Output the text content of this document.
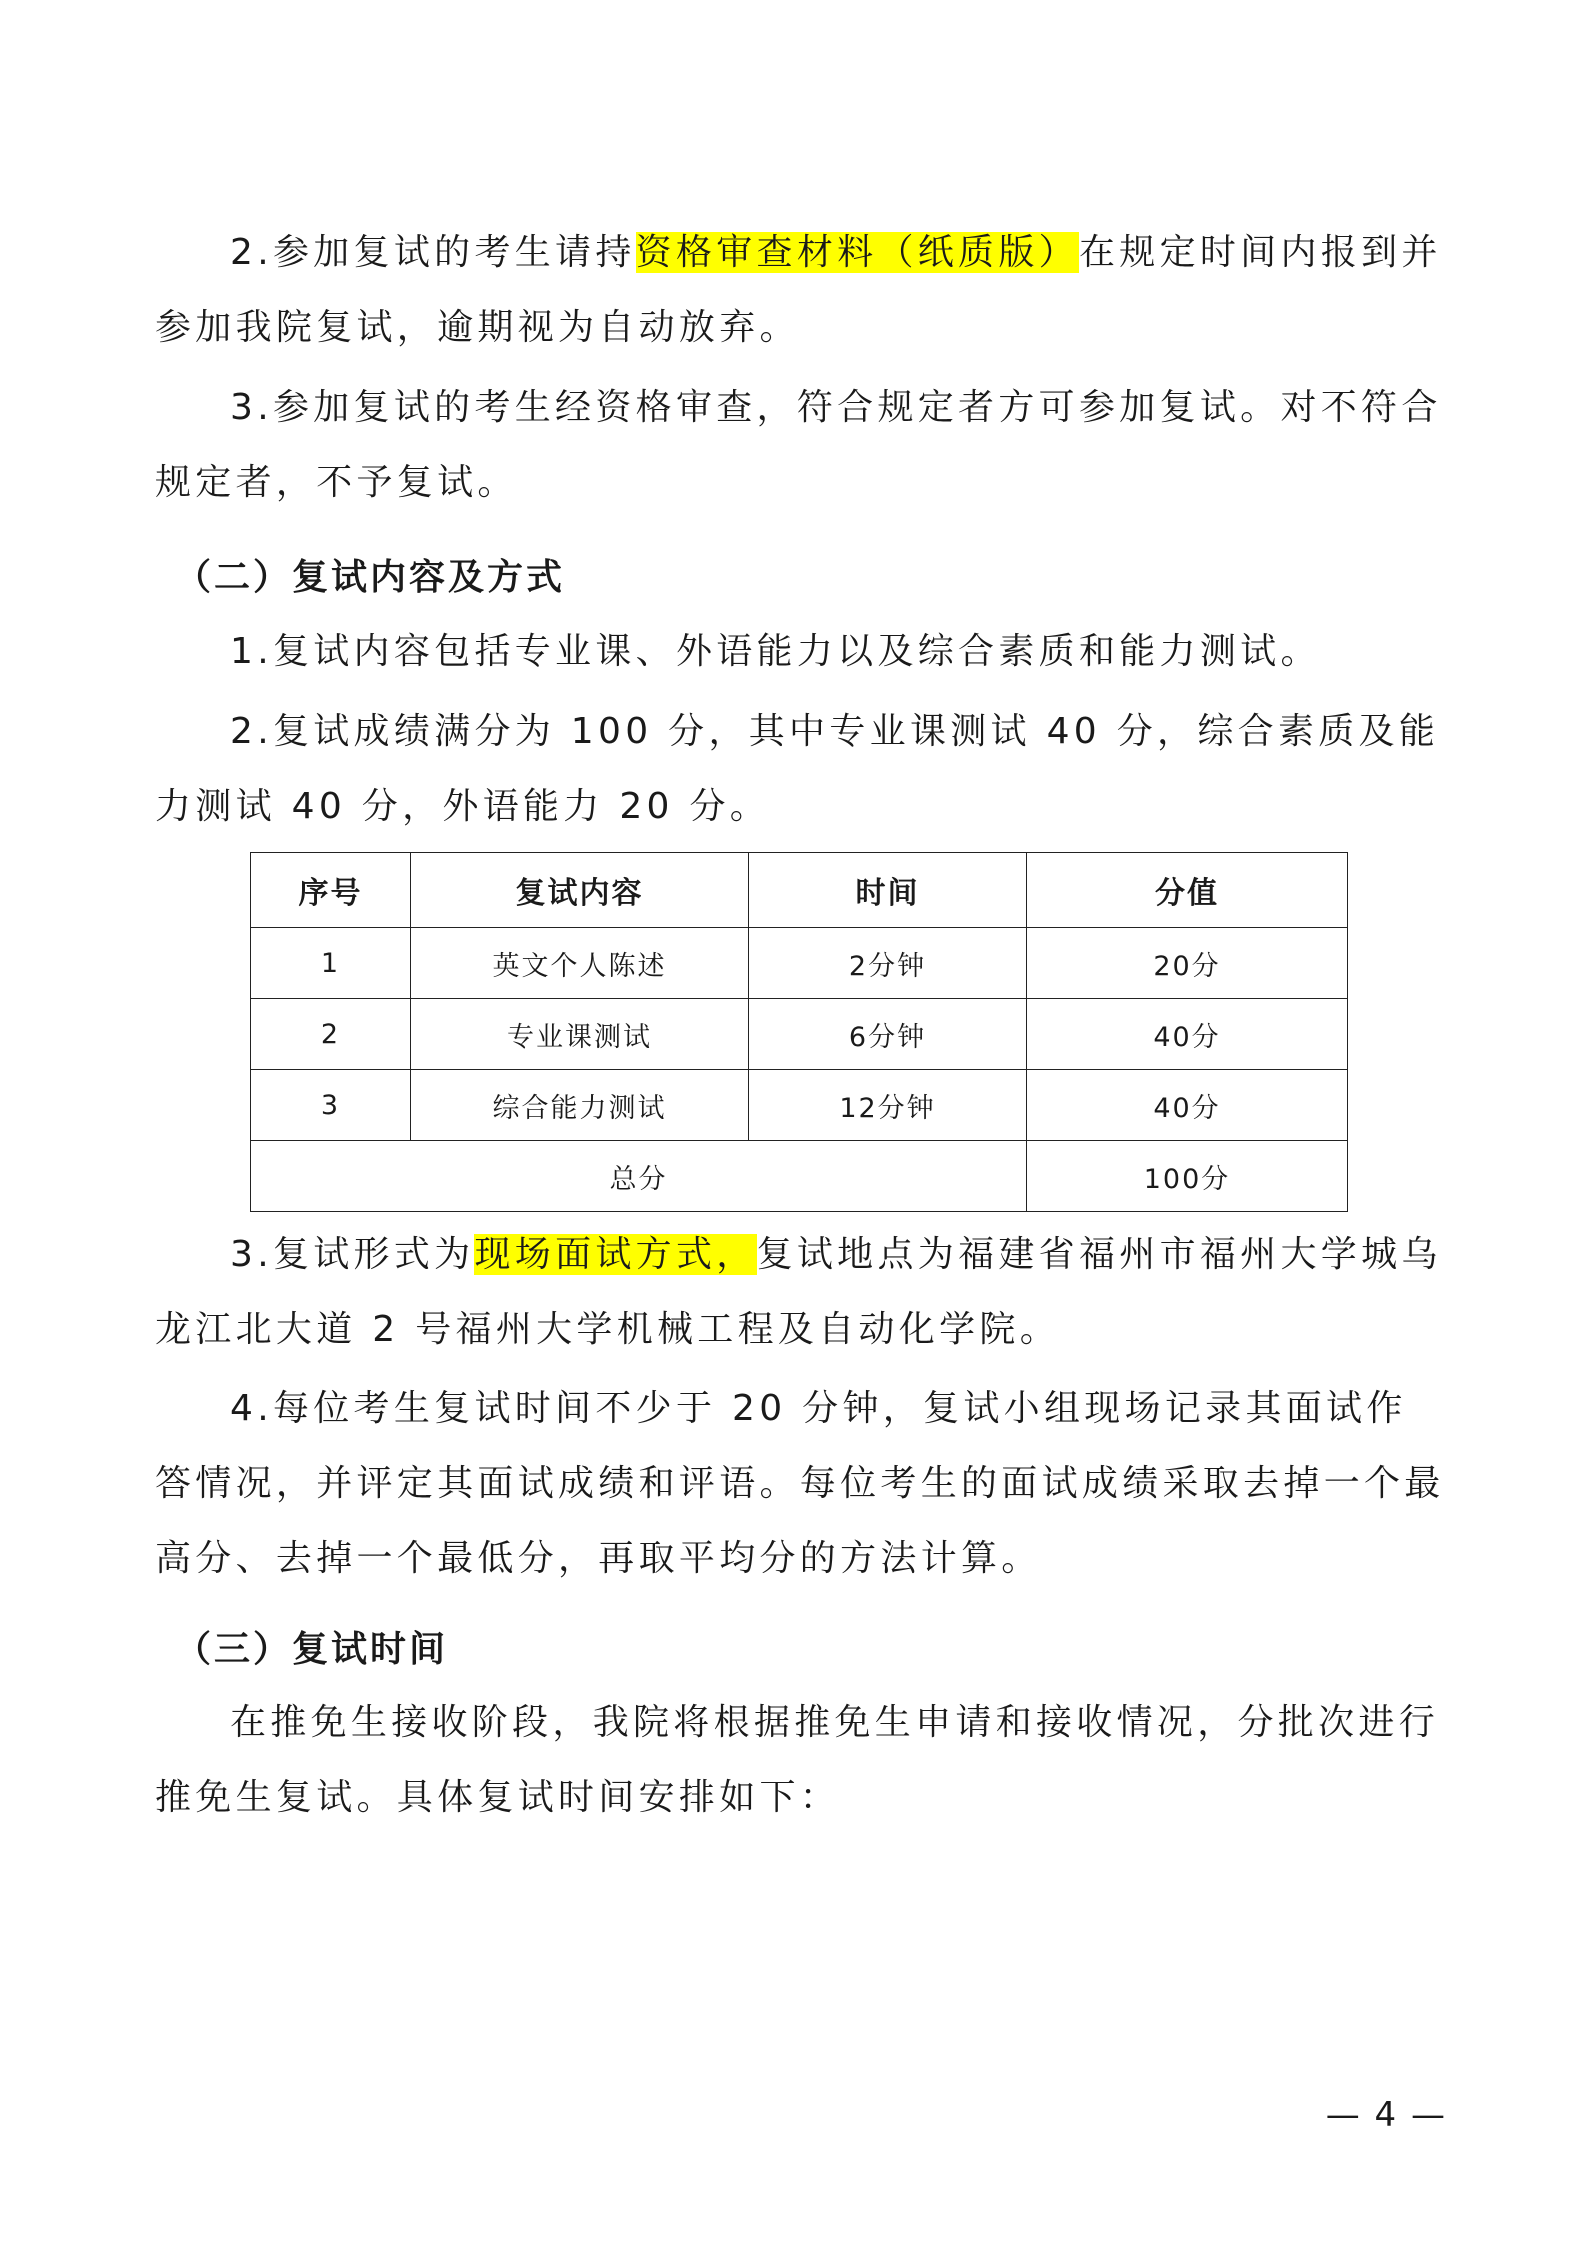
2.参加复试的考生请持资格审查材料（纸质版）在规定时间内报到并参加我院复试，逾期视为自动放弃。

3.参加复试的考生经资格审查，符合规定者方可参加复试。对不符合规定者，不予复试。

（二）复试内容及方式

1.复试内容包括专业课、外语能力以及综合素质和能力测试。

2.复试成绩满分为 100 分，其中专业课测试 40 分，综合素质及能力测试 40 分，外语能力 20 分。

序号	复试内容	时间	分值
1	英文个人陈述	2分钟	20分
2	专业课测试	6分钟	40分
3	综合能力测试	12分钟	40分
总分			100分

3.复试形式为现场面试方式，复试地点为福建省福州市福州大学城乌龙江北大道 2 号福州大学机械工程及自动化学院。

4.每位考生复试时间不少于 20 分钟，复试小组现场记录其面试作答情况，并评定其面试成绩和评语。每位考生的面试成绩采取去掉一个最高分、去掉一个最低分，再取平均分的方法计算。

（三）复试时间

在推免生接收阶段，我院将根据推免生申请和接收情况，分批次进行推免生复试。具体复试时间安排如下：

— 4 —
